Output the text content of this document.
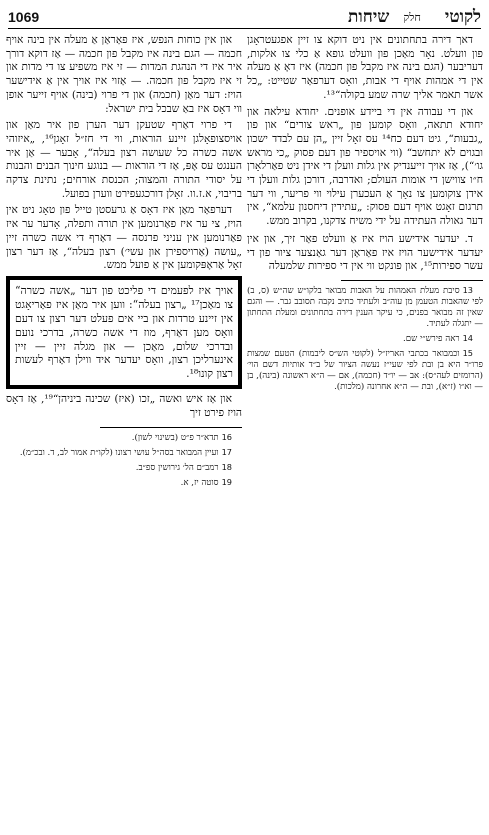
לקוטי
חלק
שיחות
1069

דאך דירה בתחתונים אין ניט דוקא צו זיין אפגעטראָגן פון וועלט. נאָר מאַכן פון וועלט גופא אַ כלי צו אלקות, דעריבער (הגם בינה איז מקבל פון חכמה) איז דאָ אַ מעלה אין די אמהות אויף די אבות, וואָס דערפאַר שטייט: „כל אשר תאמר אליך שרה שמע בקולה“¹³.

און די עבודה אין די ביידע אופנים. יחודא עילאה און יחודא תתאה, וואָס קומען פון „ראש צורים“ און פון „גבעות“, גיט דעם כח¹⁴ עס זאָל זיין „הן עם לבדד ישכון ובגוים לא יתחשב“ (ווי אויספיר פון דעם פסוק „כי מראש גו׳“), אַז אויך זייענדיק אין גלות וועלן די אידן ניט פאַרלאָרן ח״ו צווישן די אומות העולם; ואדרבה, דורכן גלות וועלן די אידן צוקומען צו נאָך אַ העכערן עילוי ווי פריער, ווי דער תרגום זאָגט אויף דעם פסוק: „עתידין דיחסנון עלמא“, אין דער גאולה העתידה על ידי משיח צדקנו, בקרוב ממש.

ד. יעדער אידישע הויז איז אַ וועלט פאַר זיך, און אין יעדער אידישער הויז איז פאַראַן דער גאַנצער ציור פון די עשר ספירות¹⁵, און פונקט ווי אין די ספירות שלמעלה

13סיבת מעלת האמהות על האבות מבואר בלקו״ש שה״ש (ס, ב) לפי שהאבות הטעמן מן עוה״ב ולעתיד כתיב נקבה תסובב גבר. — והגם שאין זה מבואר בפנים, כי עיקר הענין דירה בתחתונים ומעלת התחתון — יתגלה לעתיד.

14ראה פירש״י שם.

15וכמבואר בכתבי האריז״ל (לקוטי הש״ס ליבמות) הטעם שמצות פרו״ר היא בן ובת לפי שעי״ז נעשה הציור של ב״ד אותיות דשם הוי׳ (הרומזים לעה״ס): אב — יו״ד (חכמה), אם — ה״א ראשונה (בינה), בן — וא״ו (ז״א), ובת — ה״א אחרונה (מלכות).

און אין כוחות הנפש, איז פאַראַן אַ מעלה אין בינה אויף חכמה — הגם בינה איז מקבל פון חכמה — אַז דוקא דורך איר איז די הנהגת המדות — זי איז משפיע צו די מדות און זי איז מקבל פון חכמה. — אַזוי איז אויך אין אַ אידישער הויז: דער מאַן (חכמה) און די פרוי (בינה) אויף זייער אופן ווי דאָס איז באַ שבכל בית ישראל:

די פרוי דאַרף שטעקן דער הערן פון איר מאַן און אויסצופאָלגן זיינע הוראות, ווי די חז״ל זאָגן¹⁶, „איזוהי אשה כשרה כל שעושה רצון בעלה“, אָבער — אַן איר הענגט עס אָפּ, אַז די הוראות — בנוגע חינוך הבנים והבנות על יסודי התורה והמצוה; הכנסת אורחים; נתינת צדקה בריבוי, א.ז.וו. זאָלן דורכגעפירט ווערן בפועל.

דערפאַר מאַן איז דאָס אַ גרעסטן טייל פון טאָג ניט אין הויז, צי ער איז פאַרנומען אין תורה ותפלה, אָדער ער איז פאַרנומען אין עניני פרנסה — דאַרף די אשה כשרה זיין „עושה (אַרויספירן און עשי׳) רצון בעלה“, אַז דער רצון זאָל אַראָפּקומען אין אַ פועל ממש.

אויך איז לפעמים די פליכט פון דער „אשה כשרה“ צו מאַכן¹⁷ „רצון בעלה“: ווען איר מאַן איז פאַריאָגט אין זיינע טרדות און ביי אים פעלט דער רצון צו דעם וואָס מען דאַרף, מוז די אשה כשרה, בדרכי נועם ובדרכי שלום, מאַכן — און מגלה זיין — זיין אינערליכן רצון, וואָס יעדער איד ווילן דאַרף לעשות רצון קונו¹⁸.

און אַז איש ואשה „זכו (איז) שכינה ביניהן“¹⁹, אַז דאָס הויז פירט זיך

16תדא״ר פ״ט (בשינוי לשון).

17ועיין המבואר בסה״ל עושי רצונו (לקו״ת אמור לב, ד. ובכ״מ).

18רמב״ם הל׳ גירושין ספ״ב.

19סוטה יז, א.
